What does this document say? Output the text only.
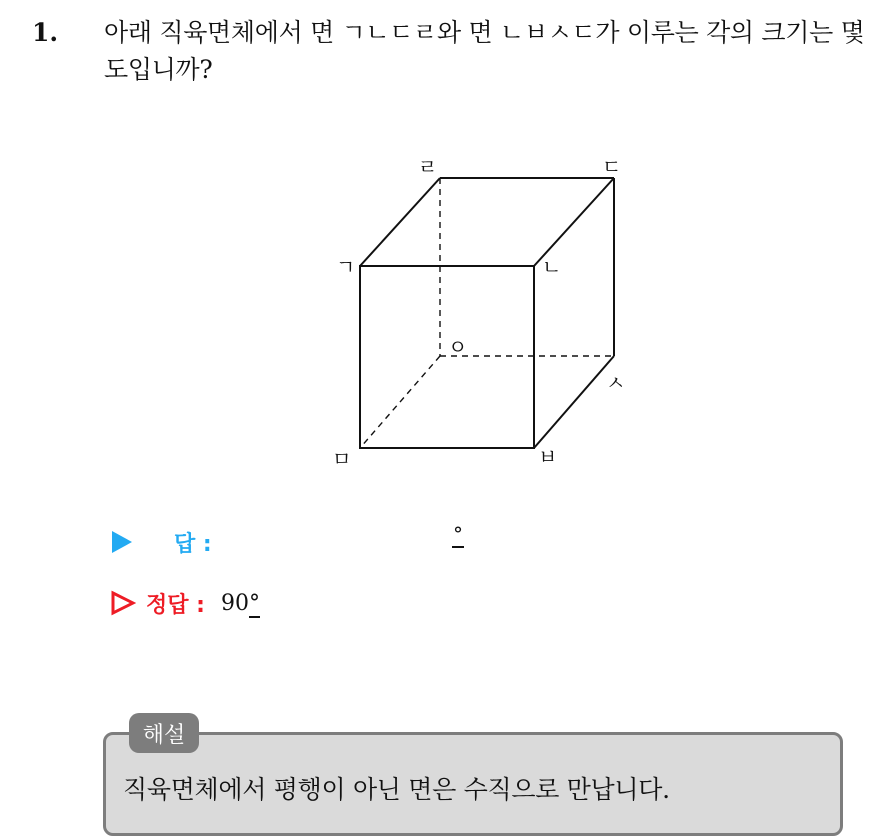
1. 아래 직육면체에서 면 ㄱㄴㄷㄹ와 면 ㄴㅂㅅㄷ가 이루는 각의 크기는 몇 도입니까?
ㄹ	ㄷ
ㄱ	ㄴ
ㅇ
ㅅ
ㅁ	ㅂ
답 :	°
정답 : 90°
해설
직육면체에서 평행이 아닌 면은 수직으로 만납니다.
